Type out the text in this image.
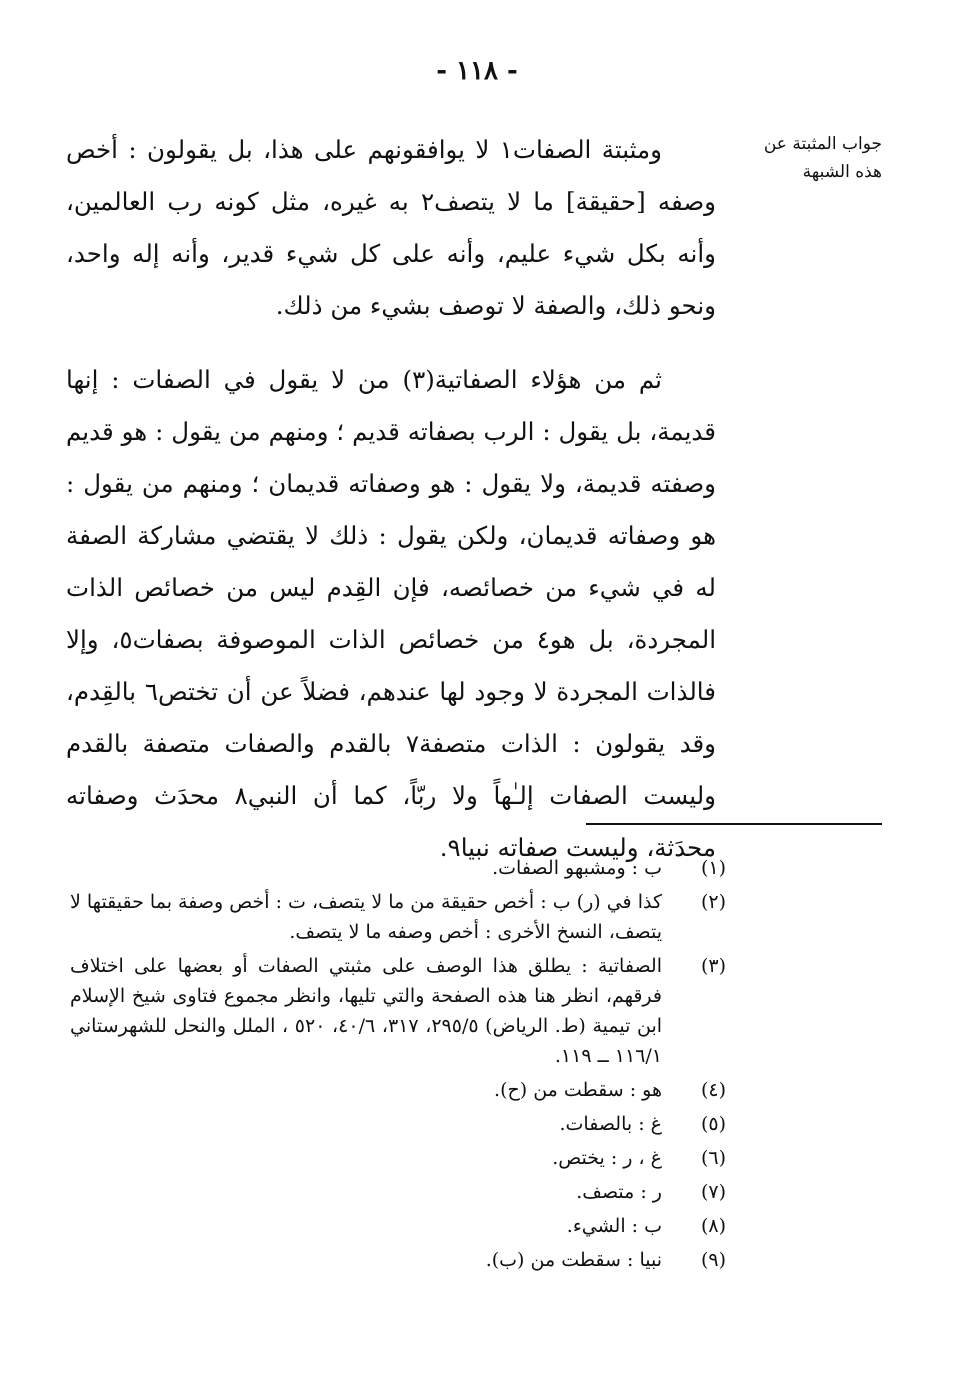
- ١١٨ -
جواب المثبتة عن هذه الشبهة

ومثبتة الصفات١ لا يوافقونهم على هذا، بل يقولون : أخص وصفه [حقيقة] ما لا يتصف٢ به غيره، مثل كونه رب العالمين، وأنه بكل شيء عليم، وأنه على كل شيء قدير، وأنه إله واحد، ونحو ذلك، والصفة لا توصف بشيء من ذلك.

ثم من هؤلاء الصفاتية(٣) من لا يقول في الصفات : إنها قديمة، بل يقول : الرب بصفاته قديم ؛ ومنهم من يقول : هو قديم وصفته قديمة، ولا يقول : هو وصفاته قديمان ؛ ومنهم من يقول : هو وصفاته قديمان، ولكن يقول : ذلك لا يقتضي مشاركة الصفة له في شيء من خصائصه، فإن القِدم ليس من خصائص الذات المجردة، بل هو٤ من خصائص الذات الموصوفة بصفات٥، وإلا فالذات المجردة لا وجود لها عندهم، فضلاً عن أن تختص٦ بالقِدم، وقد يقولون : الذات متصفة٧ بالقدم والصفات متصفة بالقدم وليست الصفات إلـٰهاً ولا ربّاً، كما أن النبي٨ محدَث وصفاته محدَثة، وليست صفاته نبيا٩.

(١)
ب : ومشبهو الصفات.
(٢)
كذا في (ر) ب : أخص حقيقة من ما لا يتصف، ت : أخص وصفة بما حقيقتها لا يتصف، النسخ الأخرى : أخص وصفه ما لا يتصف.
(٣)
الصفاتية : يطلق هذا الوصف على مثبتي الصفات أو بعضها على اختلاف فرقهم، انظر هنا هذه الصفحة والتي تليها، وانظر مجموع فتاوى شيخ الإسلام ابن تيمية (ط. الرياض) ٢٩٥/٥، ٣١٧، ٤٠/٦، ٥٢٠ ، الملل والنحل للشهرستاني ١١٦/١ ــ ١١٩.
(٤)
هو : سقطت من (ح).
(٥)
غ : بالصفات.
(٦)
غ ، ر : يختص.
(٧)
ر : متصف.
(٨)
ب : الشيء.
(٩)
نبيا : سقطت من (ب).
